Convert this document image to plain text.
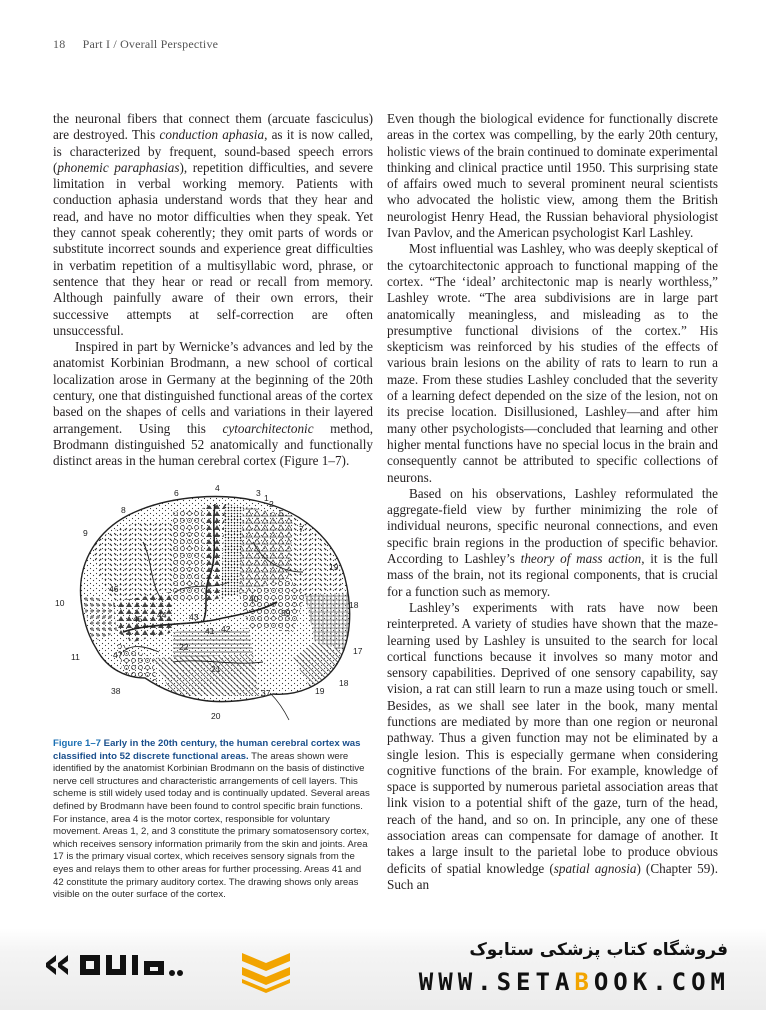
18 Part I / Overall Perspective

the neuronal fibers that connect them (arcuate fasciculus) are destroyed. This conduction aphasia, as it is now called, is characterized by frequent, sound-based speech errors (phonemic paraphasias), repetition difficulties, and severe limitation in verbal working memory. Patients with conduction aphasia understand words that they hear and read, and have no motor difficulties when they speak. Yet they cannot speak coherently; they omit parts of words or substitute incorrect sounds and experience great difficulties in verbatim repetition of a multisyllabic word, phrase, or sentence that they hear or read or recall from memory. Although painfully aware of their own errors, their successive attempts at self-correction are often unsuccessful.

Inspired in part by Wernicke’s advances and led by the anatomist Korbinian Brodmann, a new school of cortical localization arose in Germany at the beginning of the 20th century, one that distinguished functional areas of the cortex based on the shapes of cells and variations in their layered arrangement. Using this cytoarchitectonic method, Brodmann distinguished 52 anatomically and functionally distinct areas in the human cerebral cortex (Figure 1–7).

6	4	3 1
2
5
8
9	7
19
40
18
10
39
46
45 44	43
41 42
22	17
11	47
21
38	37	19
18
20
Figure 1–7 Early in the 20th century, the human cerebral cortex was classified into 52 discrete functional areas. The areas shown were identified by the anatomist Korbinian Brodmann on the basis of distinctive nerve cell structures and characteristic arrangements of cell layers. This scheme is still widely used today and is continually updated. Several areas defined by Brodmann have been found to control specific brain functions. For instance, area 4 is the motor cortex, responsible for voluntary movement. Areas 1, 2, and 3 constitute the primary somatosensory cortex, which receives sensory information primarily from the skin and joints. Area 17 is the primary visual cortex, which receives sensory signals from the eyes and relays them to other areas for further processing. Areas 41 and 42 constitute the primary auditory cortex. The drawing shows only areas visible on the outer surface of the cortex.

Even though the biological evidence for functionally discrete areas in the cortex was compelling, by the early 20th century, holistic views of the brain continued to dominate experimental thinking and clinical practice until 1950. This surprising state of affairs owed much to several prominent neural scientists who advocated the holistic view, among them the British neurologist Henry Head, the Russian behavioral physiologist Ivan Pavlov, and the American psychologist Karl Lashley.

Most influential was Lashley, who was deeply skeptical of the cytoarchitectonic approach to functional mapping of the cortex. “The ‘ideal’ architectonic map is nearly worthless,” Lashley wrote. “The area subdivisions are in large part anatomically meaningless, and misleading as to the presumptive functional divisions of the cortex.” His skepticism was reinforced by his studies of the effects of various brain lesions on the ability of rats to learn to run a maze. From these studies Lashley concluded that the severity of a learning defect depended on the size of the lesion, not on its precise location. Disillusioned, Lashley—and after him many other psychologists—concluded that learning and other higher mental functions have no special locus in the brain and consequently cannot be attributed to specific collections of neurons.

Based on his observations, Lashley reformulated the aggregate-field view by further minimizing the role of individual neurons, specific neuronal connections, and even specific brain regions in the production of specific behavior. According to Lashley’s theory of mass action, it is the full mass of the brain, not its regional components, that is crucial for a function such as memory.

Lashley’s experiments with rats have now been reinterpreted. A variety of studies have shown that the maze-learning used by Lashley is unsuited to the search for local cortical functions because it involves so many motor and sensory capabilities. Deprived of one sensory capability, say vision, a rat can still learn to run a maze using touch or smell. Besides, as we shall see later in the book, many mental functions are mediated by more than one region or neuronal pathway. Thus a given function may not be eliminated by a single lesion. This is especially germane when considering cognitive functions of the brain. For example, knowledge of space is supported by numerous parietal association areas that link vision to a potential shift of the gaze, turn of the head, reach of the hand, and so on. In principle, any one of these association areas can compensate for damage of another. It takes a large insult to the parietal lobe to produce obvious deficits of spatial knowledge (spatial agnosia) (Chapter 59). Such an

فروشگاه کتاب پزشکی ستابوک
WWW.SETABOOK.COM
